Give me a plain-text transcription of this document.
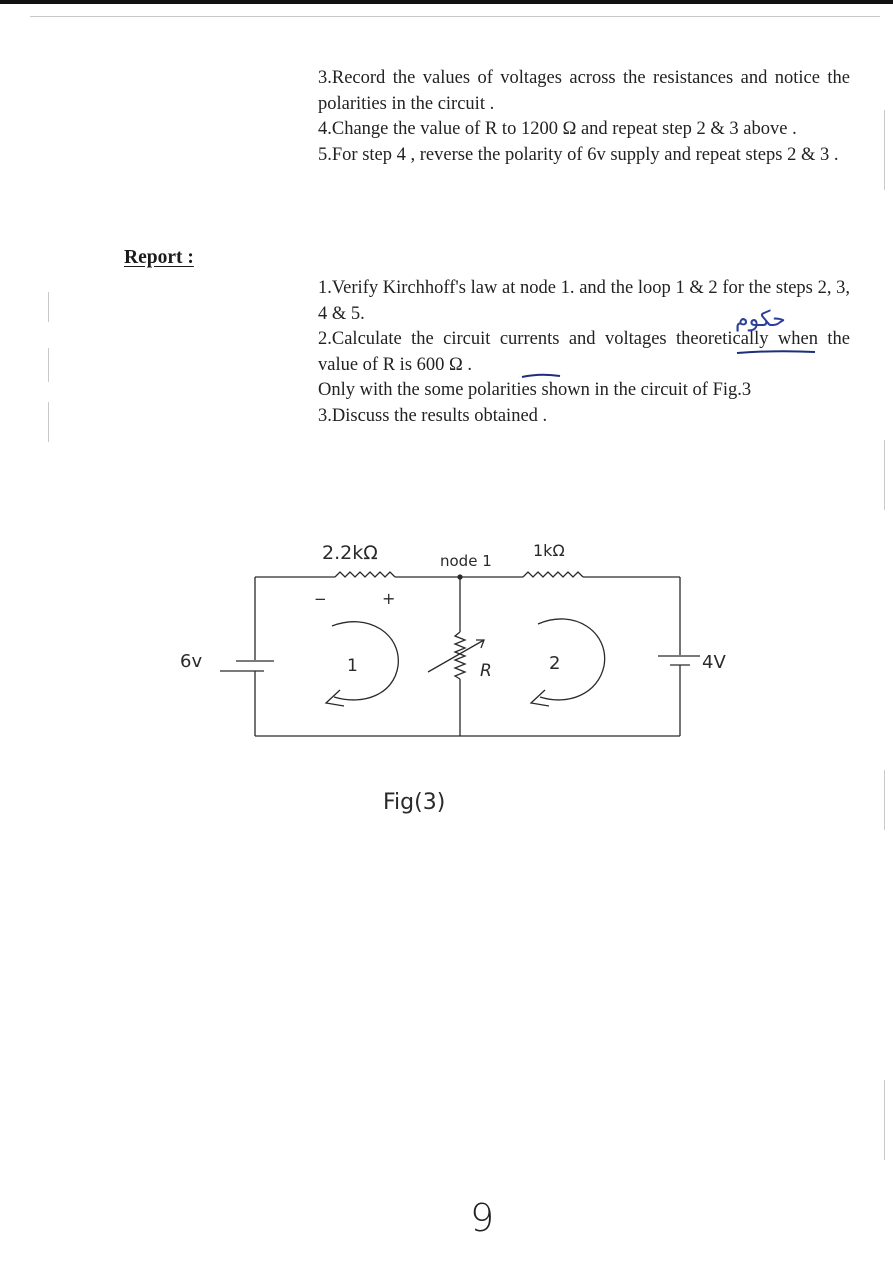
3.Record the values of voltages across the resistances and notice the polarities in the circuit .

4.Change the value of R to 1200 Ω and repeat step 2 & 3 above .

5.For step 4 , reverse the polarity of 6v supply and repeat steps 2 & 3 .

Report :

1.Verify Kirchhoff's law at node 1. and the loop 1 & 2 for the steps 2, 3, 4 & 5.

2.Calculate the circuit currents and voltages theoretically when the value of R is 600 Ω .

Only with the some polarities shown in the circuit of Fig.3

3.Discuss the results obtained .

حكوم
2.2kΩ	node 1
1kΩ
−	+
6v	4V
1	2
R
Fig(3)
9
